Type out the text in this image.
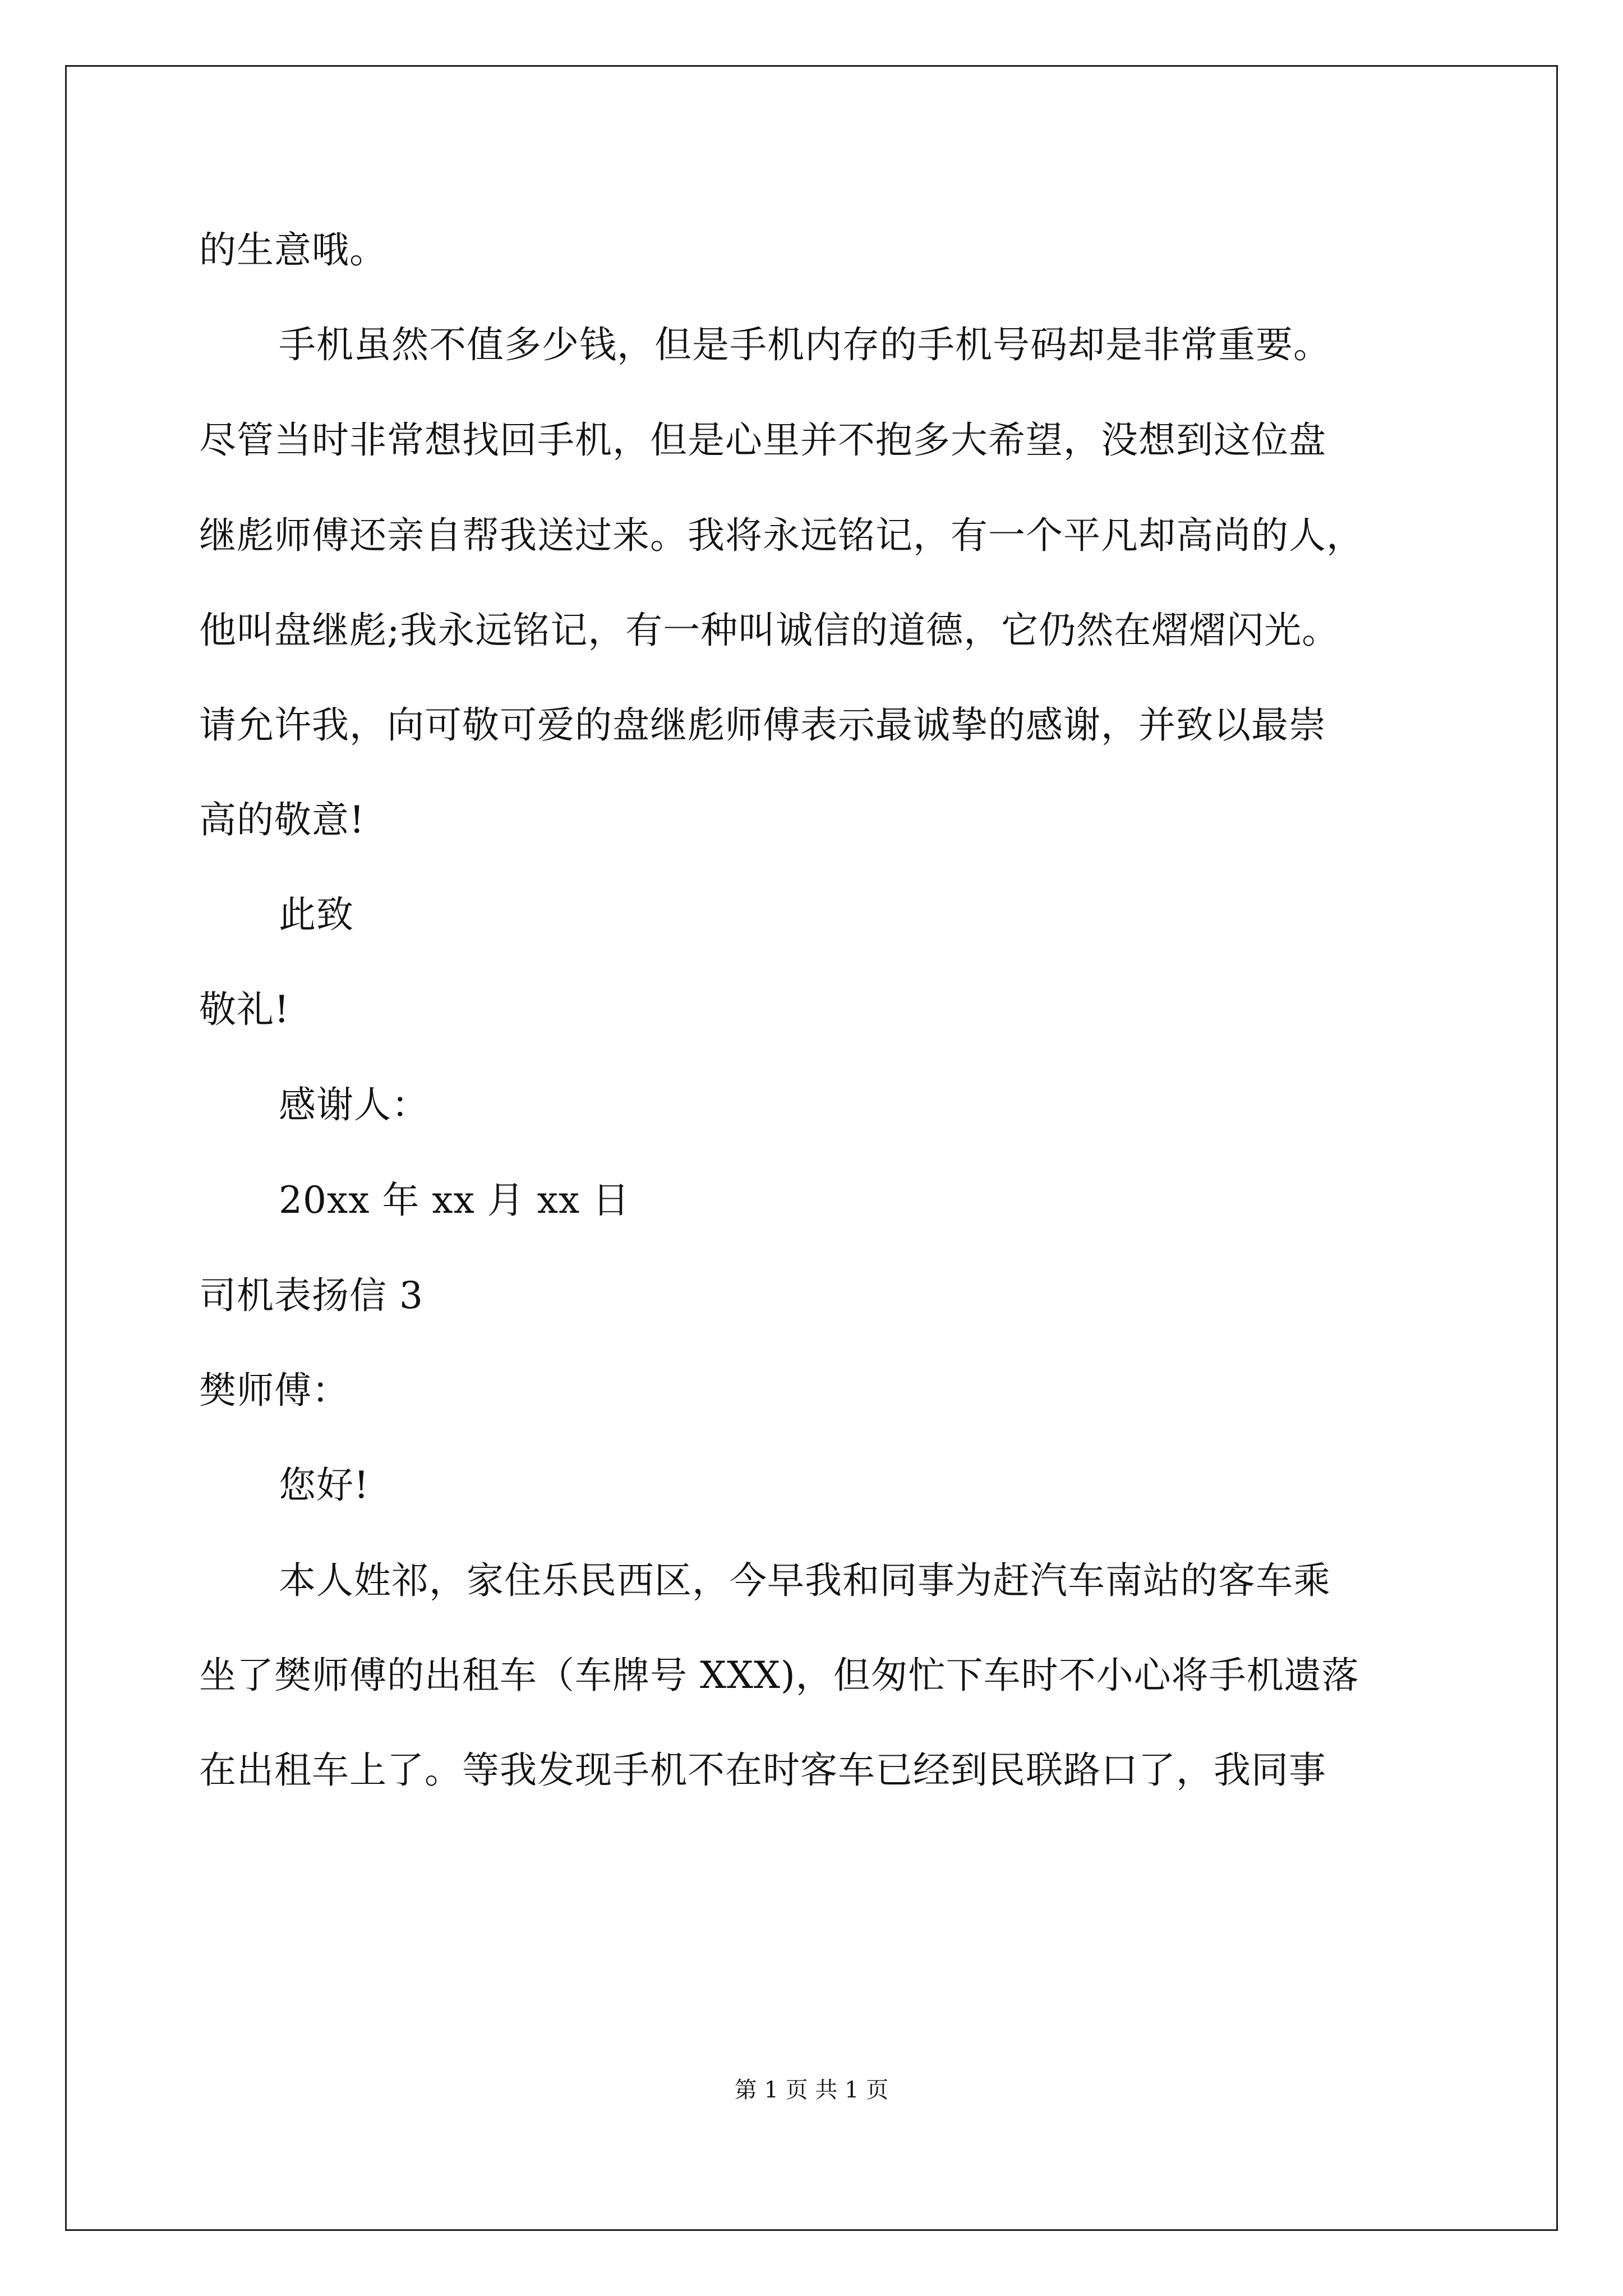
的生意哦。
手机虽然不值多少钱，但是手机内存的手机号码却是非常重要。
尽管当时非常想找回手机，但是心里并不抱多大希望，没想到这位盘
继彪师傅还亲自帮我送过来。我将永远铭记，有一个平凡却高尚的人，
他叫盘继彪;我永远铭记，有一种叫诚信的道德，它仍然在熠熠闪光。
请允许我，向可敬可爱的盘继彪师傅表示最诚挚的感谢，并致以最崇
高的敬意!
此致
敬礼!
感谢人：
20xx 年 xx 月 xx 日
司机表扬信 3
樊师傅：
您好!
本人姓祁，家住乐民西区，今早我和同事为赶汽车南站的客车乘
坐了樊师傅的出租车（车牌号 XXX)，但匆忙下车时不小心将手机遗落
在出租车上了。等我发现手机不在时客车已经到民联路口了，我同事
第 1 页 共 1 页
